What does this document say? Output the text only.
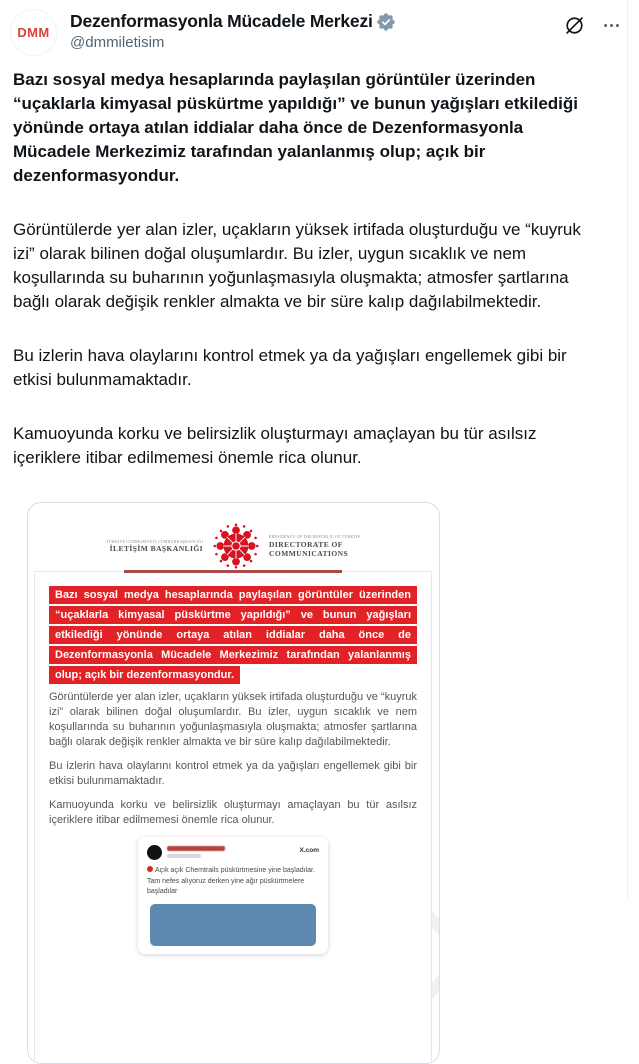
DMM
Dezenformasyonla Mücadele Merkezi
@dmmiletisim

Bazı sosyal medya hesaplarında paylaşılan görüntüler üzerinden “uçaklarla kimyasal püskürtme yapıldığı” ve bunun yağışları etkilediği yönünde ortaya atılan iddialar daha önce de Dezenformasyonla Mücadele Merkezimiz tarafından yalanlanmış olup; açık bir dezenformasyondur.

Görüntülerde yer alan izler, uçakların yüksek irtifada oluşturduğu ve “kuyruk izi” olarak bilinen doğal oluşumlardır. Bu izler, uygun sıcaklık ve nem koşullarında su buharının yoğunlaşmasıyla oluşmakta; atmosfer şartlarına bağlı olarak değişik renkler almakta ve bir süre kalıp dağılabilmektedir.

Bu izlerin hava olaylarını kontrol etmek ya da yağışları engellemek gibi bir etkisi bulunmamaktadır.

Kamuoyunda korku ve belirsizlik oluşturmayı amaçlayan bu tür asılsız içeriklere itibar edilmemesi önemle rica olunur.

TÜRKİYE CUMHURİYETİ CUMHURBAŞKANLIĞI
İLETİŞİM BAŞKANLIĞI
PRESIDENCY OF THE REPUBLIC OF TÜRKİYE
DIRECTORATE OF
COMMUNICATIONS

Bazı sosyal medya hesaplarında paylaşılan görüntüler üzerinden “uçaklarla kimyasal püskürtme yapıldığı” ve bunun yağışları etkilediği yönünde ortaya atılan iddialar daha önce de Dezenformasyonla Mücadele Merkezimiz tarafından yalanlanmış olup; açık bir dezenformasyondur.

Görüntülerde yer alan izler, uçakların yüksek irtifada oluşturduğu ve “kuyruk izi” olarak bilinen doğal oluşumlardır. Bu izler, uygun sıcaklık ve nem koşullarında su buharının yoğunlaşmasıyla oluşmakta; atmosfer şartlarına bağlı olarak değişik renkler almakta ve bir süre kalıp dağılabilmektedir.

Bu izlerin hava olaylarını kontrol etmek ya da yağışları engellemek gibi bir etkisi bulunmamaktadır.

Kamuoyunda korku ve belirsizlik oluşturmayı amaçlayan bu tür asılsız içeriklere itibar edilmemesi önemle rica olunur.

X.com
Açık açık Chemtrails püskürtmesine yine başladılar. Tam nefes alıyoruz derken yine ağır püskürtmelere başladılar
